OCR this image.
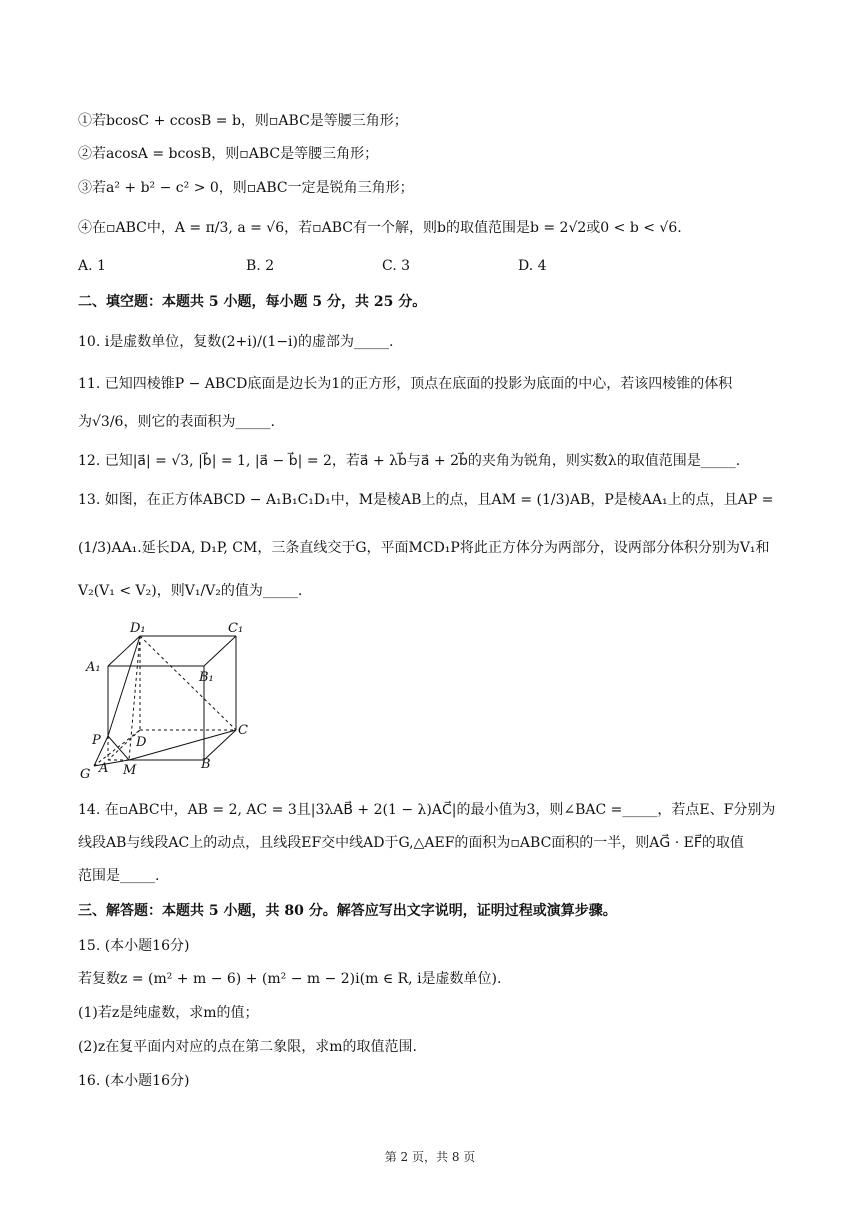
①若bcosC + ccosB = b，则▫ABC是等腰三角形；
②若acosA = bcosB，则▫ABC是等腰三角形；
③若a² + b² − c² > 0，则▫ABC一定是锐角三角形；
④在▫ABC中，A = π/3, a = √6，若▫ABC有一个解，则b的取值范围是b = 2√2或0 < b < √6.
A. 1	B. 2	C. 3	D. 4
二、填空题：本题共 5 小题，每小题 5 分，共 25 分。
10. i是虚数单位，复数(2+i)/(1−i)的虚部为_____.
11. 已知四棱锥P − ABCD底面是边长为1的正方形，顶点在底面的投影为底面的中心，若该四棱锥的体积
为√3/6，则它的表面积为_____.
12. 已知|a⃗| = √3, |b⃗| = 1, |a⃗ − b⃗| = 2，若a⃗ + λb⃗与a⃗ + 2b⃗的夹角为锐角，则实数λ的取值范围是_____.
13. 如图，在正方体ABCD − A₁B₁C₁D₁中，M是棱AB上的点，且AM = (1/3)AB，P是棱AA₁上的点，且AP =
(1/3)AA₁.延长DA, D₁P, CM，三条直线交于G，平面MCD₁P将此正方体分为两部分，设两部分体积分别为V₁和
V₂(V₁ < V₂)，则V₁/V₂的值为_____.
D₁	C₁
A₁
B₁
P	D
C
G A M	B
14. 在▫ABC中，AB = 2, AC = 3且|3λAB⃗ + 2(1 − λ)AC⃗|的最小值为3，则∠BAC =_____，若点E、F分别为
线段AB与线段AC上的动点，且线段EF交中线AD于G,△AEF的面积为▫ABC面积的一半，则AG⃗ · EF⃗的取值
范围是_____.
三、解答题：本题共 5 小题，共 80 分。解答应写出文字说明，证明过程或演算步骤。
15. (本小题16分)
若复数z = (m² + m − 6) + (m² − m − 2)i(m ∈ R, i是虚数单位).
(1)若z是纯虚数，求m的值；
(2)z在复平面内对应的点在第二象限，求m的取值范围.
16. (本小题16分)
第 2 页，共 8 页
